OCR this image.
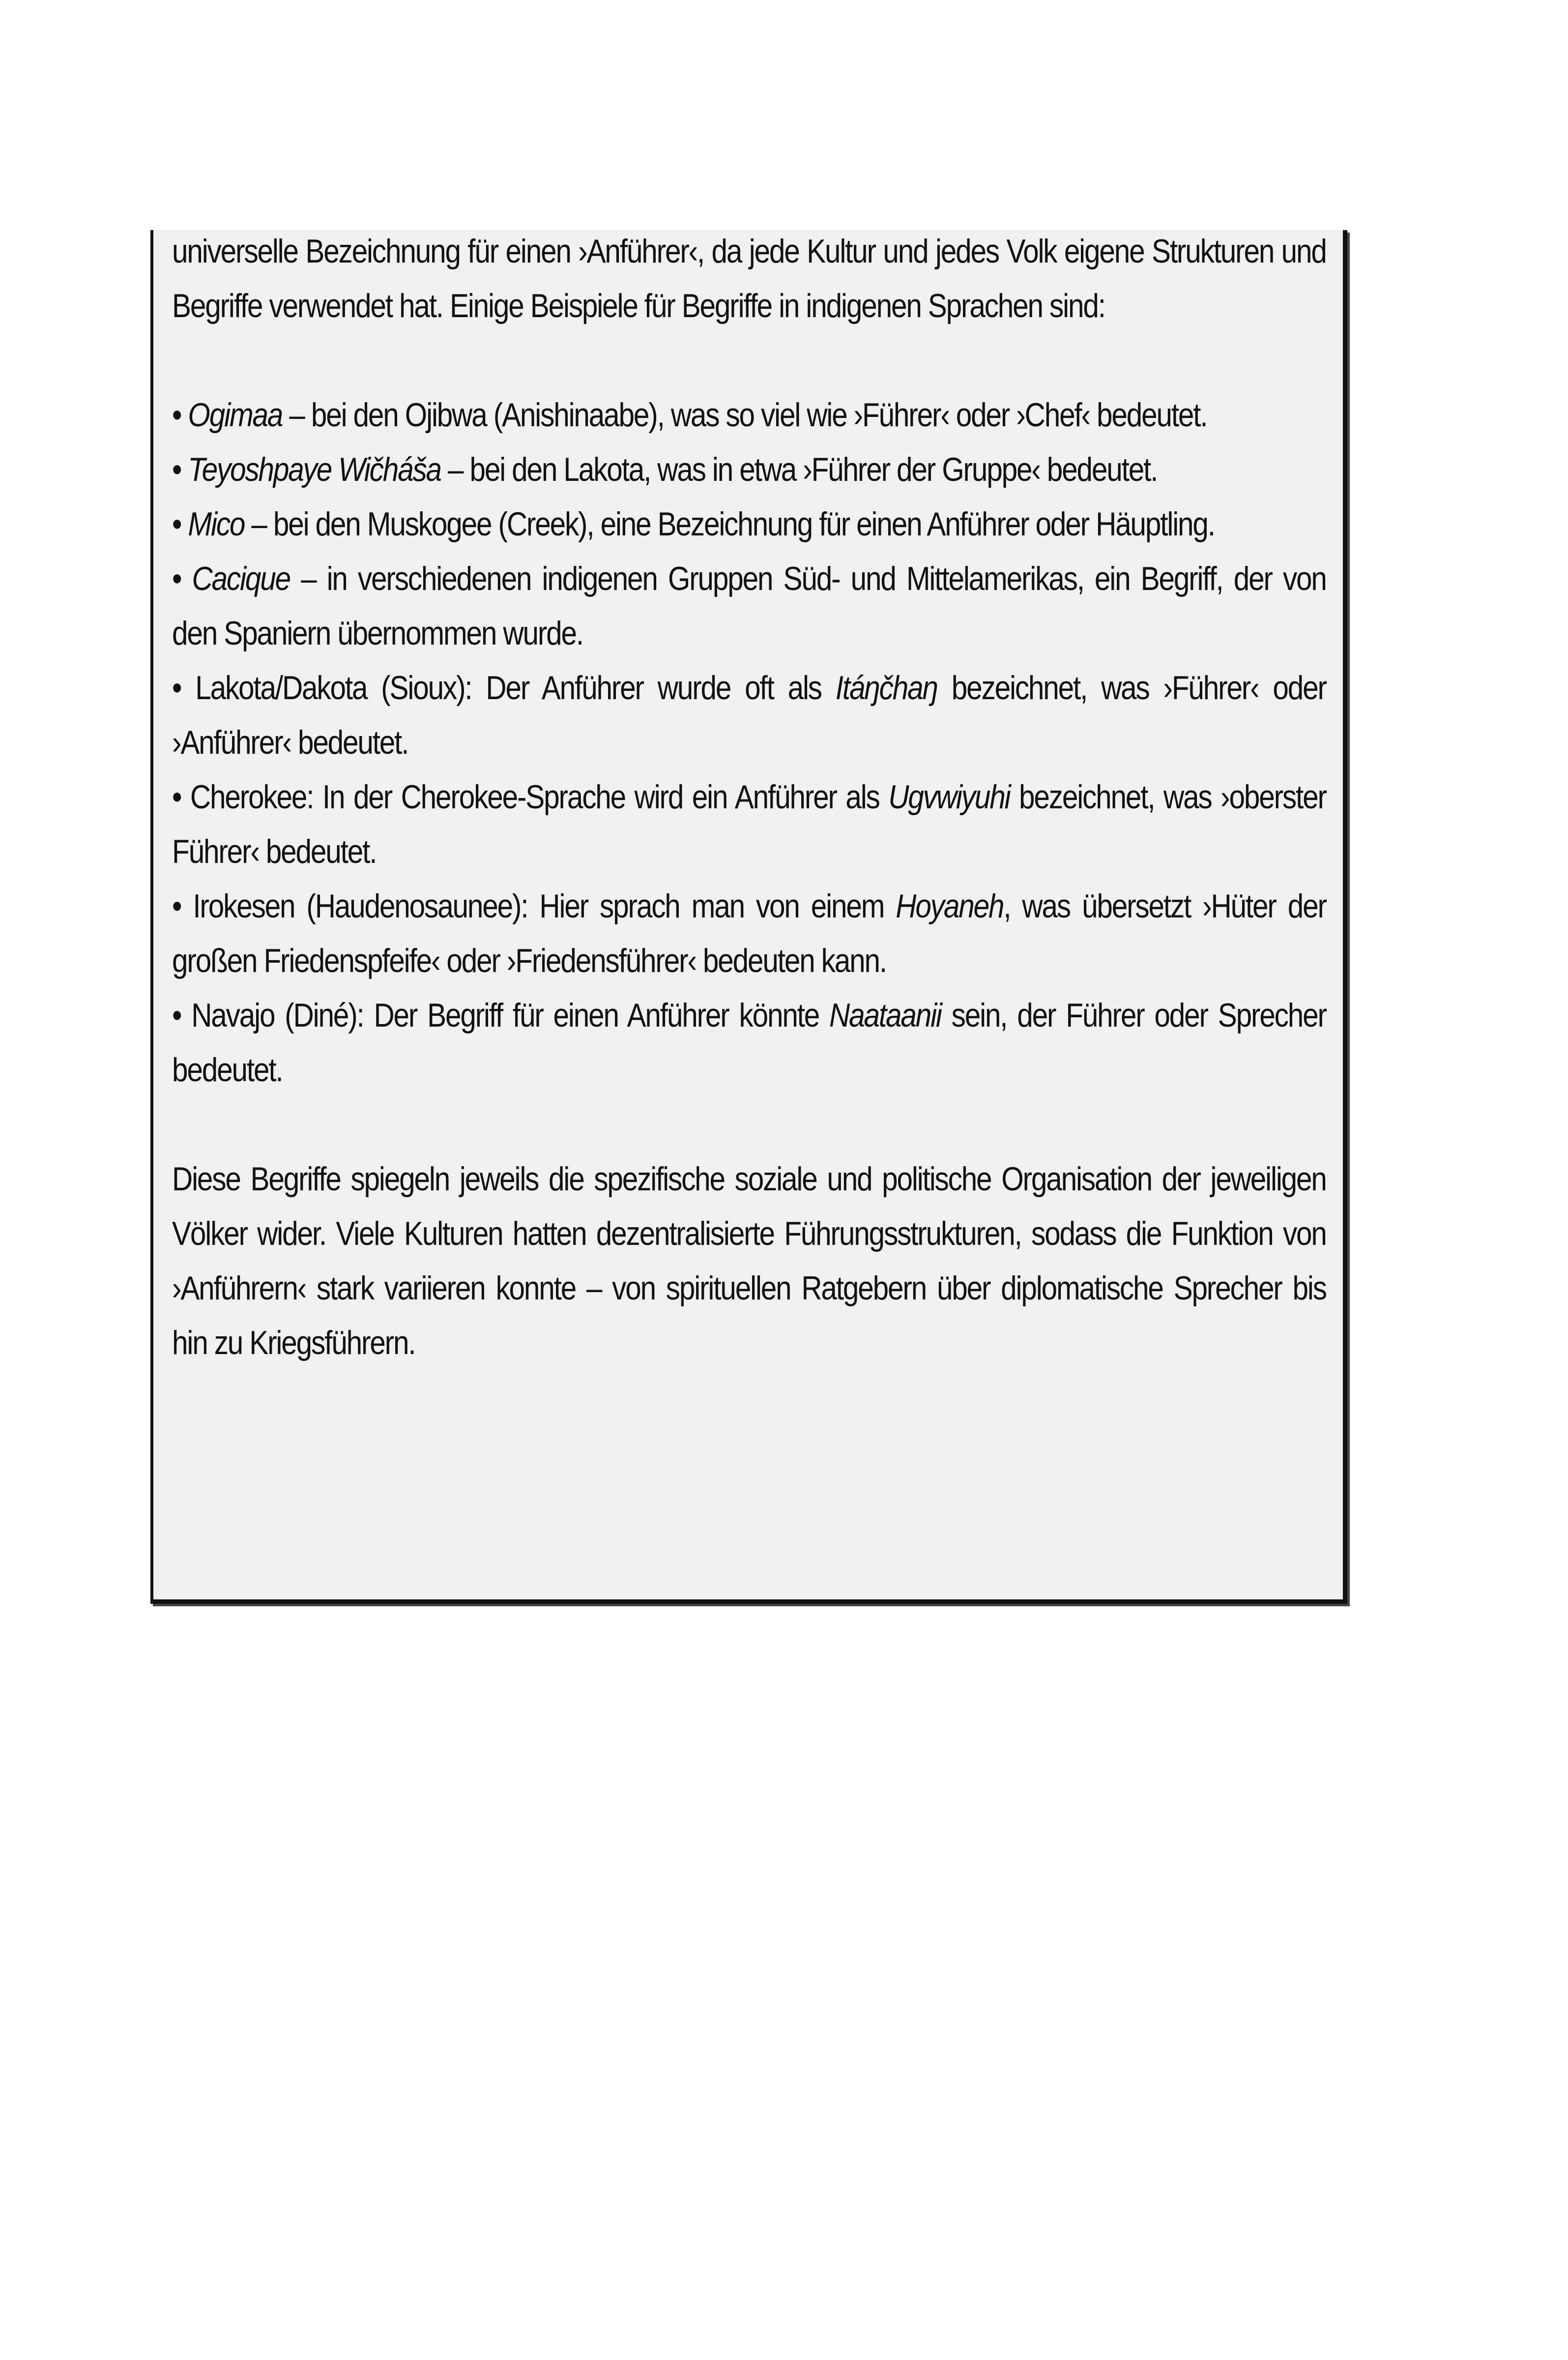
universelle Bezeichnung für einen ›Anführer‹, da jede Kultur und jedes Volk eigene Strukturen und Begriffe verwendet hat. Einige Beispiele für Begriffe in indigenen Sprachen sind:

• Ogimaa – bei den Ojibwa (Anishinaabe), was so viel wie ›Führer‹ oder ›Chef‹ bedeutet.

• Teyoshpaye Wičháša – bei den Lakota, was in etwa ›Führer der Gruppe‹ bedeutet.

• Mico – bei den Muskogee (Creek), eine Bezeichnung für einen Anführer oder Häuptling.

• Cacique – in verschiedenen indigenen Gruppen Süd- und Mittelamerikas, ein Begriff, der von den Spaniern übernommen wurde.

• Lakota/Dakota (Sioux): Der Anführer wurde oft als Itáŋčhaŋ bezeichnet, was ›Führer‹ oder ›Anführer‹ bedeutet.

• Cherokee: In der Cherokee-Sprache wird ein Anführer als Ugvwiyuhi bezeichnet, was ›oberster Führer‹ bedeutet.

• Irokesen (Haudenosaunee): Hier sprach man von einem Hoyaneh, was übersetzt ›Hüter der großen Friedenspfeife‹ oder ›Friedensführer‹ bedeuten kann.

• Navajo (Diné): Der Begriff für einen Anführer könnte Naataanii sein, der Führer oder Sprecher bedeutet.

Diese Begriffe spiegeln jeweils die spezifische soziale und politische Organisation der jeweiligen Völker wider. Viele Kulturen hatten dezentralisierte Führungsstrukturen, sodass die Funktion von ›Anführern‹ stark variieren konnte – von spirituellen Ratgebern über diplomatische Sprecher bis hin zu Kriegsführern.
